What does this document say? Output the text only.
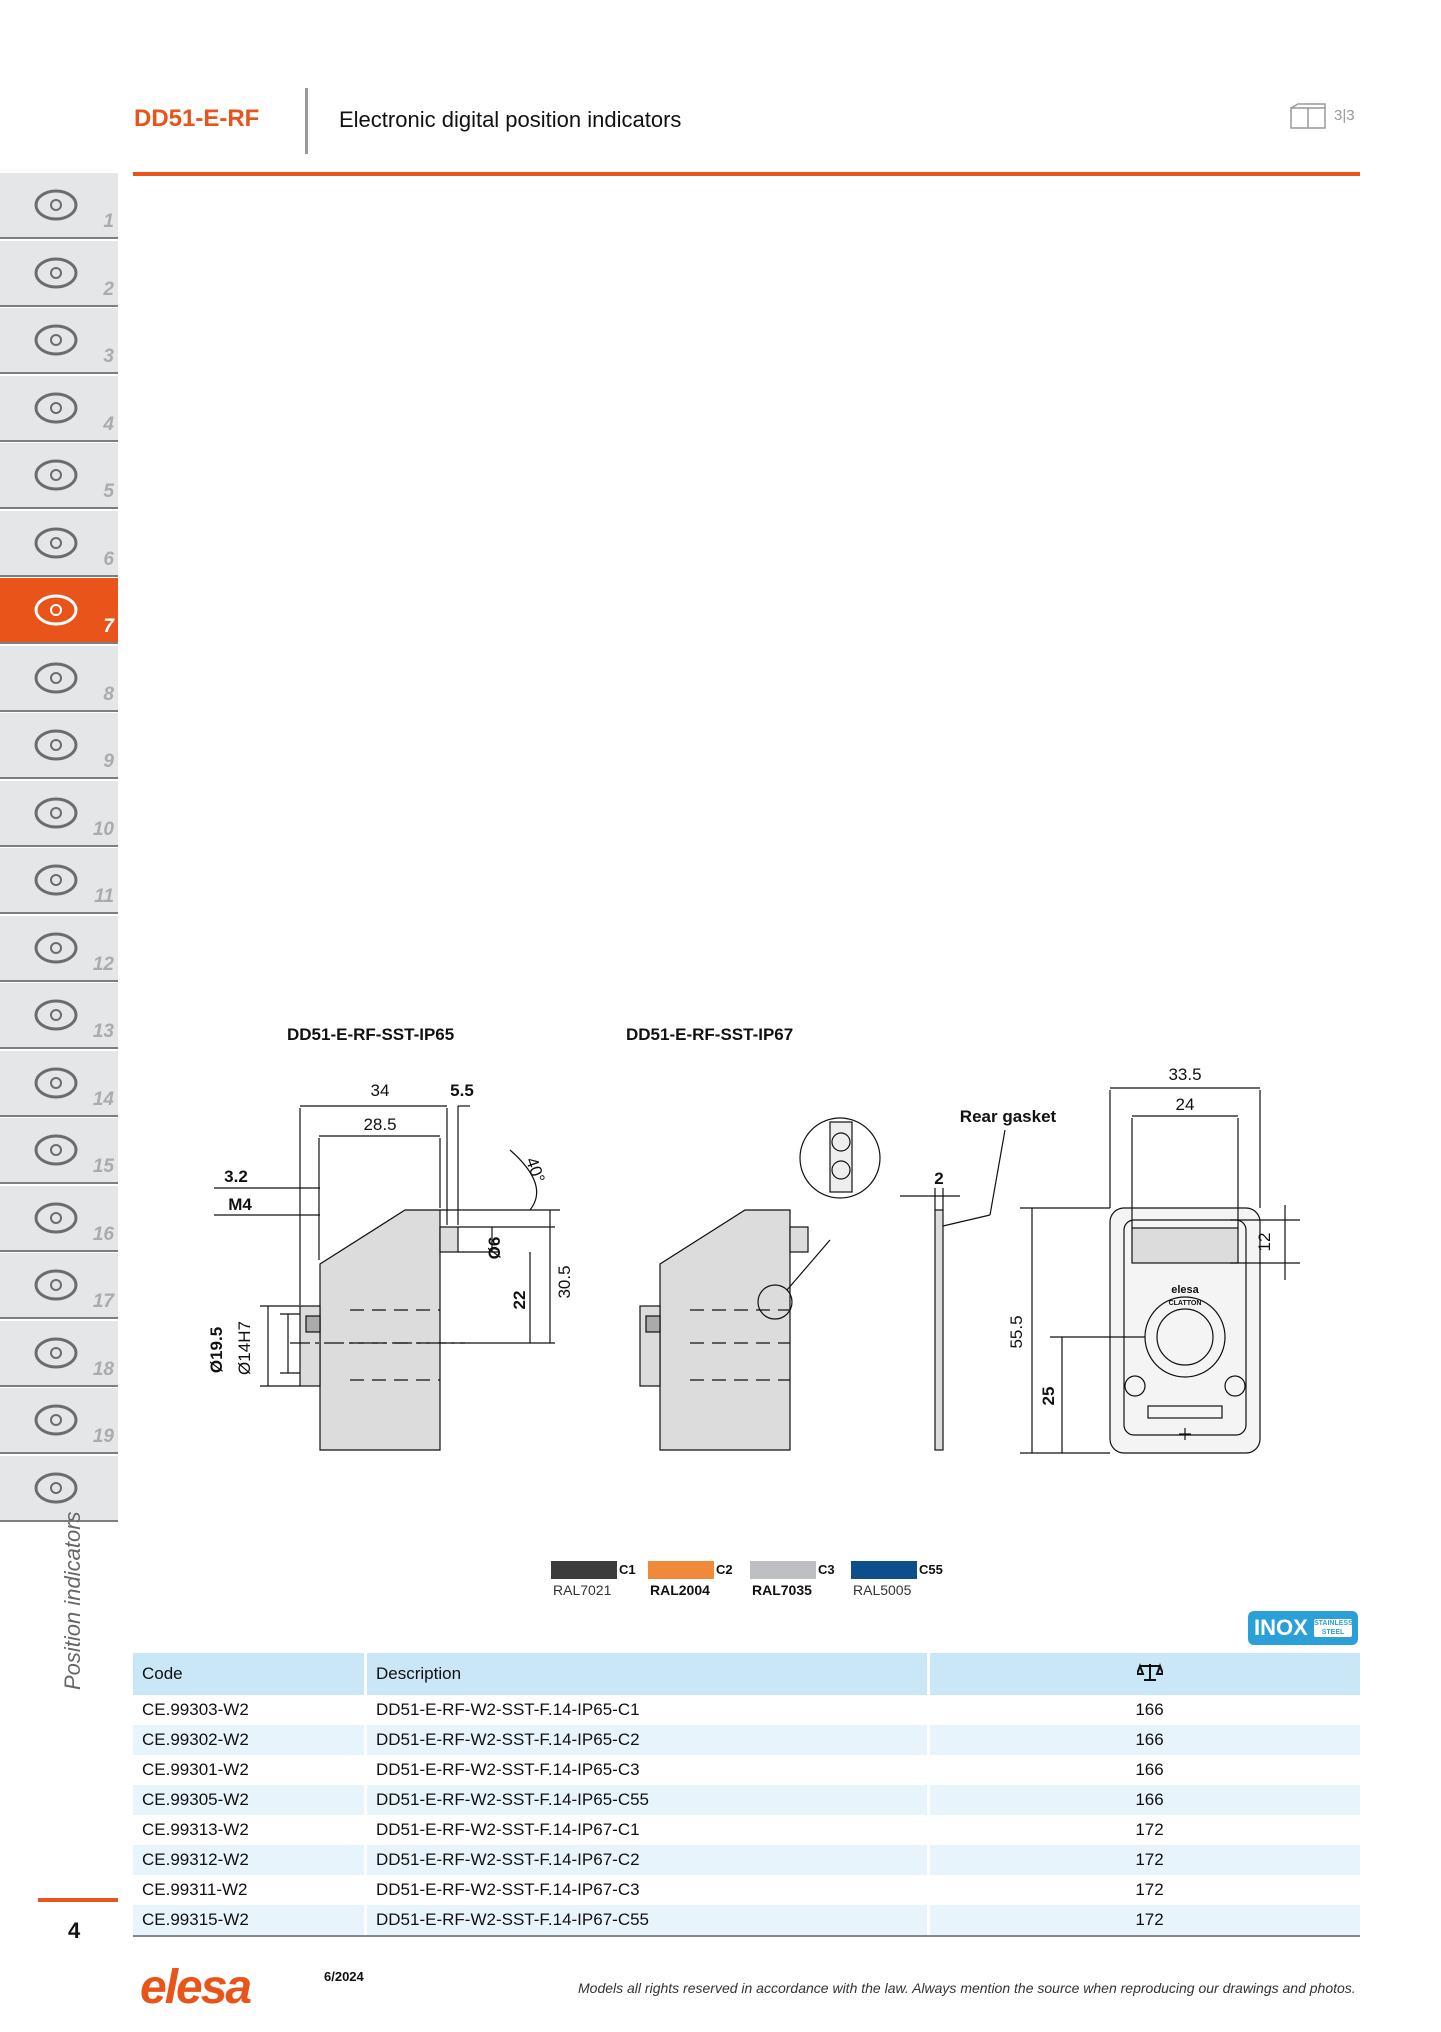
DD51-E-RF	Electronic digital position indicators	3|3
1
2
3
4
5
6
7
8
9
10
11
12
13
14
15
16
17
18
19
Position indicators
4
DD51-E-RF-SST-IP65	DD51-E-RF-SST-IP67
34	5.5
28.5
40°
3.2
M4
Ø6
22
30.5
Ø19.5 Ø14H7
2
Rear gasket
33.5
24
12
55.5
25
elesa
CLATTON
C1
RAL7021
C2
RAL2004
C3
RAL7035
C55
RAL5005
INOX STAINLESS STEEL
Code	Description	
CE.99303-W2	DD51-E-RF-W2-SST-F.14-IP65-C1	166
CE.99302-W2	DD51-E-RF-W2-SST-F.14-IP65-C2	166
CE.99301-W2	DD51-E-RF-W2-SST-F.14-IP65-C3	166
CE.99305-W2	DD51-E-RF-W2-SST-F.14-IP65-C55	166
CE.99313-W2	DD51-E-RF-W2-SST-F.14-IP67-C1	172
CE.99312-W2	DD51-E-RF-W2-SST-F.14-IP67-C2	172
CE.99311-W2	DD51-E-RF-W2-SST-F.14-IP67-C3	172
CE.99315-W2	DD51-E-RF-W2-SST-F.14-IP67-C55	172
elesa	6/2024
Models all rights reserved in accordance with the law. Always mention the source when reproducing our drawings and photos.
